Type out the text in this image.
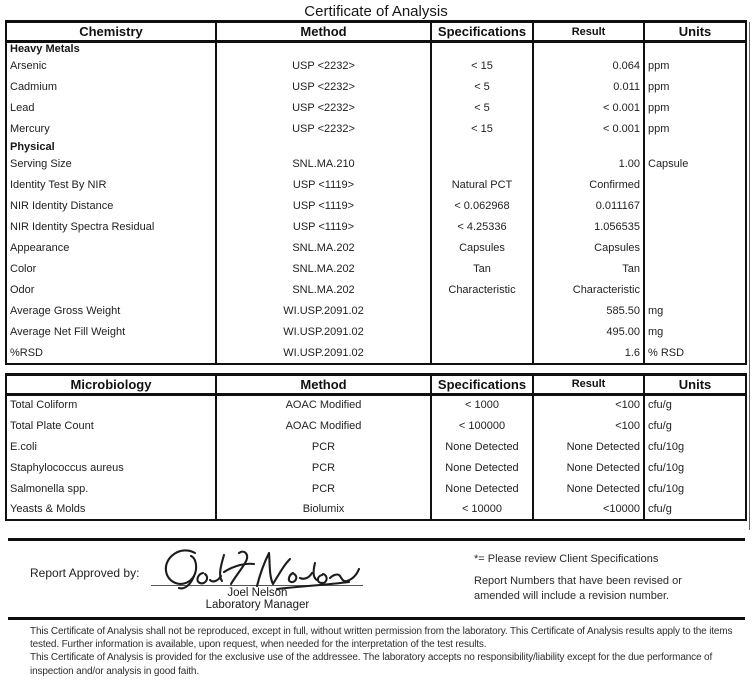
Certificate of Analysis
Chemistry	Method	Specifications	Result	Units
Heavy Metals				
Arsenic	USP <2232>	< 15	0.064	ppm
Cadmium	USP <2232>	< 5	0.011	ppm
Lead	USP <2232>	< 5	< 0.001	ppm
Mercury	USP <2232>	< 15	< 0.001	ppm
Physical				
Serving Size	SNL.MA.210		1.00	Capsule
Identity Test By NIR	USP <1119>	Natural PCT	Confirmed	
NIR Identity Distance	USP <1119>	< 0.062968	0.011167	
NIR Identity Spectra Residual	USP <1119>	< 4.25336	1.056535	
Appearance	SNL.MA.202	Capsules	Capsules	
Color	SNL.MA.202	Tan	Tan	
Odor	SNL.MA.202	Characteristic	Characteristic	
Average Gross Weight	WI.USP.2091.02		585.50	mg
Average Net Fill Weight	WI.USP.2091.02		495.00	mg
%RSD	WI.USP.2091.02		1.6	% RSD
Microbiology	Method	Specifications	Result	Units
Total Coliform	AOAC Modified	< 1000	<100	cfu/g
Total Plate Count	AOAC Modified	< 100000	<100	cfu/g
E.coli	PCR	None Detected	None Detected	cfu/10g
Staphylococcus aureus	PCR	None Detected	None Detected	cfu/10g
Salmonella spp.	PCR	None Detected	None Detected	cfu/10g
Yeasts & Molds	Biolumix	< 10000	<10000	cfu/g
Report Approved by:
Joel Nelson
Laboratory Manager

*= Please review Client Specifications

Report Numbers that have been revised or amended will include a revision number.

This Certificate of Analysis shall not be reproduced, except in full, without written permission from the laboratory. This Certificate of Analysis results apply to the items tested. Further information is available, upon request, when needed for the interpretation of the test results.

This Certificate of Analysis is provided for the exclusive use of the addressee. The laboratory accepts no responsibility/liability except for the due performance of inspection and/or analysis in good faith.
